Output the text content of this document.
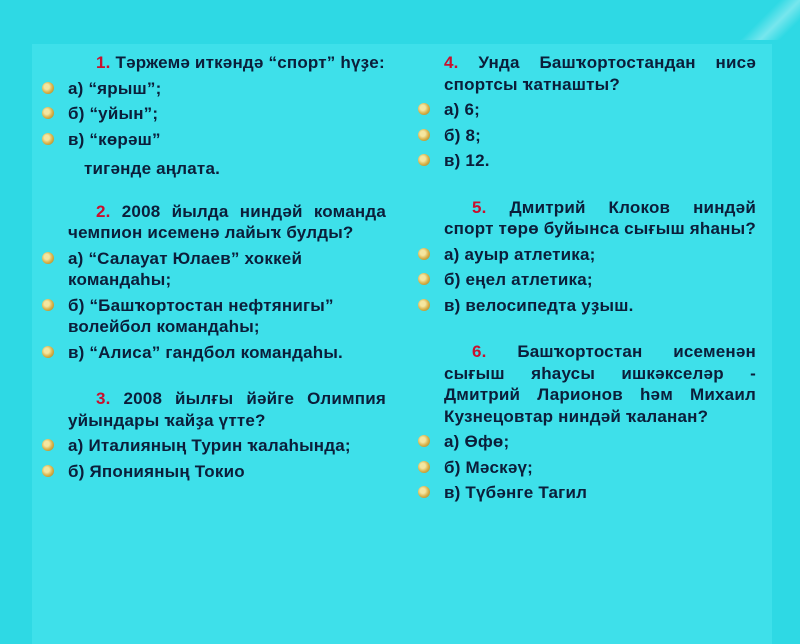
1. Тәржемә иткәндә “спорт” һүҙе:
а) “ярыш”;
б) “уйын”;
в) “көрәш”
тигәнде аңлата.
2. 2008 йылда ниндәй команда чемпион исеменә лайыҡ булды?
а) “Салауат Юлаев” хоккей командаһы;
б) “Башҡортостан нефтянигы” волейбол командаһы;
в) “Алиса” гандбол командаһы.
3. 2008 йылғы йәйге Олимпия уйындары ҡайҙа үтте?
а) Италияның Турин ҡалаһында;
б) Японияның Токио
4. Унда Башҡортостандан нисә спортсы ҡатнашты?
а) 6;
б) 8;
в) 12.
5. Дмитрий Клоков ниндәй спорт төрө буйынса сығыш яһаны?
а) ауыр атлетика;
б) еңел атлетика;
в) велосипедта уҙыш.
6. Башҡортостан исеменән сығыш яһаусы ишкәкселәр - Дмитрий Ларионов һәм Михаил Кузнецовтар ниндәй ҡаланан?
а) Өфө;
б) Мәскәү;
в) Түбәнге Тагил
